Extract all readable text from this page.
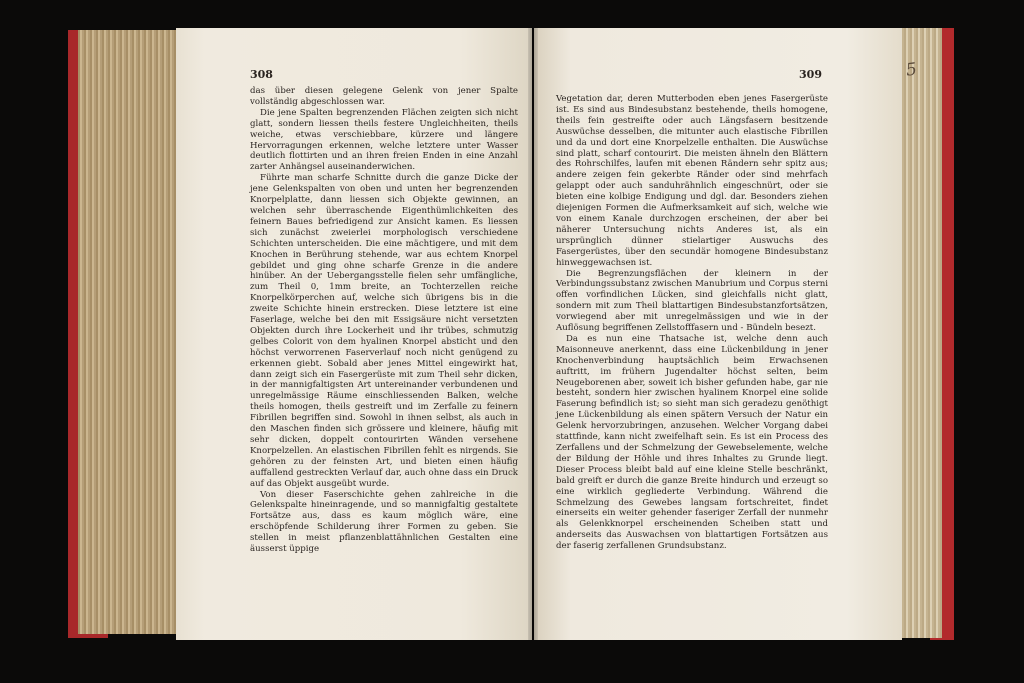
308

das über diesen gelegene Gelenk von jener Spalte vollständig abgeschlossen war.

Die jene Spalten begrenzenden Flächen zeigten sich nicht glatt, sondern liessen theils festere Ungleichheiten, theils weiche, etwas verschiebbare, kürzere und längere Hervorragungen erkennen, welche letztere unter Wasser deutlich flottirten und an ihren freien Enden in eine Anzahl zarter Anhängsel auseinanderwichen.

Führte man scharfe Schnitte durch die ganze Dicke der jene Gelenkspalten von oben und unten her begrenzenden Knorpelplatte, dann liessen sich Objekte gewinnen, an welchen sehr überraschende Eigenthümlichkeiten des feinern Baues befriedigend zur Ansicht kamen. Es liessen sich zunächst zweierlei morphologisch verschiedene Schichten unterscheiden. Die eine mächtigere, und mit dem Knochen in Berührung stehende, war aus echtem Knorpel gebildet und ging ohne scharfe Grenze in die andere hinüber. An der Uebergangsstelle fielen sehr umfängliche, zum Theil 0, 1mm breite, an Tochterzellen reiche Knorpelkörperchen auf, welche sich übrigens bis in die zweite Schichte hinein erstrecken. Diese letztere ist eine Faserlage, welche bei den mit Essigsäure nicht versetzten Objekten durch ihre Lockerheit und ihr trübes, schmutzig gelbes Colorit von dem hyalinen Knorpel absticht und den höchst verworrenen Faserverlauf noch nicht genügend zu erkennen giebt. Sobald aber jenes Mittel eingewirkt hat, dann zeigt sich ein Fasergerüste mit zum Theil sehr dicken, in der mannigfaltigsten Art untereinander verbundenen und unregelmässige Räume einschliessenden Balken, welche theils homogen, theils gestreift und im Zerfalle zu feinern Fibrillen begriffen sind. Sowohl in ihnen selbst, als auch in den Maschen finden sich grössere und kleinere, häufig mit sehr dicken, doppelt contourirten Wänden versehene Knorpelzellen. An elastischen Fibrillen fehlt es nirgends. Sie gehören zu der feinsten Art, und bieten einen häufig auffallend gestreckten Verlauf dar, auch ohne dass ein Druck auf das Objekt ausgeübt wurde.

Von dieser Faserschichte gehen zahlreiche in die Gelenkspalte hineinragende, und so mannigfaltig gestaltete Fortsätze aus, dass es kaum möglich wäre, eine erschöpfende Schilderung ihrer Formen zu geben. Sie stellen in meist pflanzenblattähnlichen Gestalten eine äusserst üppige

309

Vegetation dar, deren Mutterboden eben jenes Fasergerüste ist. Es sind aus Bindesubstanz bestehende, theils homogene, theils fein gestreifte oder auch Längsfasern besitzende Auswüchse desselben, die mitunter auch elastische Fibrillen und da und dort eine Knorpelzelle enthalten. Die Auswüchse sind platt, scharf contourirt. Die meisten ähneln den Blättern des Rohrschilfes, laufen mit ebenen Rändern sehr spitz aus; andere zeigen fein gekerbte Ränder oder sind mehrfach gelappt oder auch sanduhrähnlich eingeschnürt, oder sie bieten eine kolbige Endigung und dgl. dar. Besonders ziehen diejenigen Formen die Aufmerksamkeit auf sich, welche wie von einem Kanale durchzogen erscheinen, der aber bei näherer Untersuchung nichts Anderes ist, als ein ursprünglich dünner stielartiger Auswuchs des Fasergerüstes, über den secundär homogene Bindesubstanz hinweggewachsen ist.

Die Begrenzungsflächen der kleinern in der Verbindungssubstanz zwischen Manubrium und Corpus sterni offen vorfindlichen Lücken, sind gleichfalls nicht glatt, sondern mit zum Theil blattartigen Bindesubstanzfortsätzen, vorwiegend aber mit unregelmässigen und wie in der Auflösung begriffenen Zellstofffasern und - Bündeln besezt.

Da es nun eine Thatsache ist, welche denn auch Maisonneuve anerkennt, dass eine Lückenbildung in jener Knochenverbindung hauptsächlich beim Erwachsenen auftritt, im frühern Jugendalter höchst selten, beim Neugeborenen aber, soweit ich bisher gefunden habe, gar nie besteht, sondern hier zwischen hyalinem Knorpel eine solide Faserung befindlich ist; so sieht man sich geradezu genöthigt jene Lückenbildung als einen spätern Versuch der Natur ein Gelenk hervorzubringen, anzusehen. Welcher Vorgang dabei stattfinde, kann nicht zweifelhaft sein. Es ist ein Process des Zerfallens und der Schmelzung der Gewebselemente, welche der Bildung der Höhle und ihres Inhaltes zu Grunde liegt. Dieser Process bleibt bald auf eine kleine Stelle beschränkt, bald greift er durch die ganze Breite hindurch und erzeugt so eine wirklich gegliederte Verbindung. Während die Schmelzung des Gewebes langsam fortschreitet, findet einerseits ein weiter gehender faseriger Zerfall der nunmehr als Gelenkknorpel erscheinenden Scheiben statt und anderseits das Auswachsen von blattartigen Fortsätzen aus der faserig zerfallenen Grundsubstanz.

5
